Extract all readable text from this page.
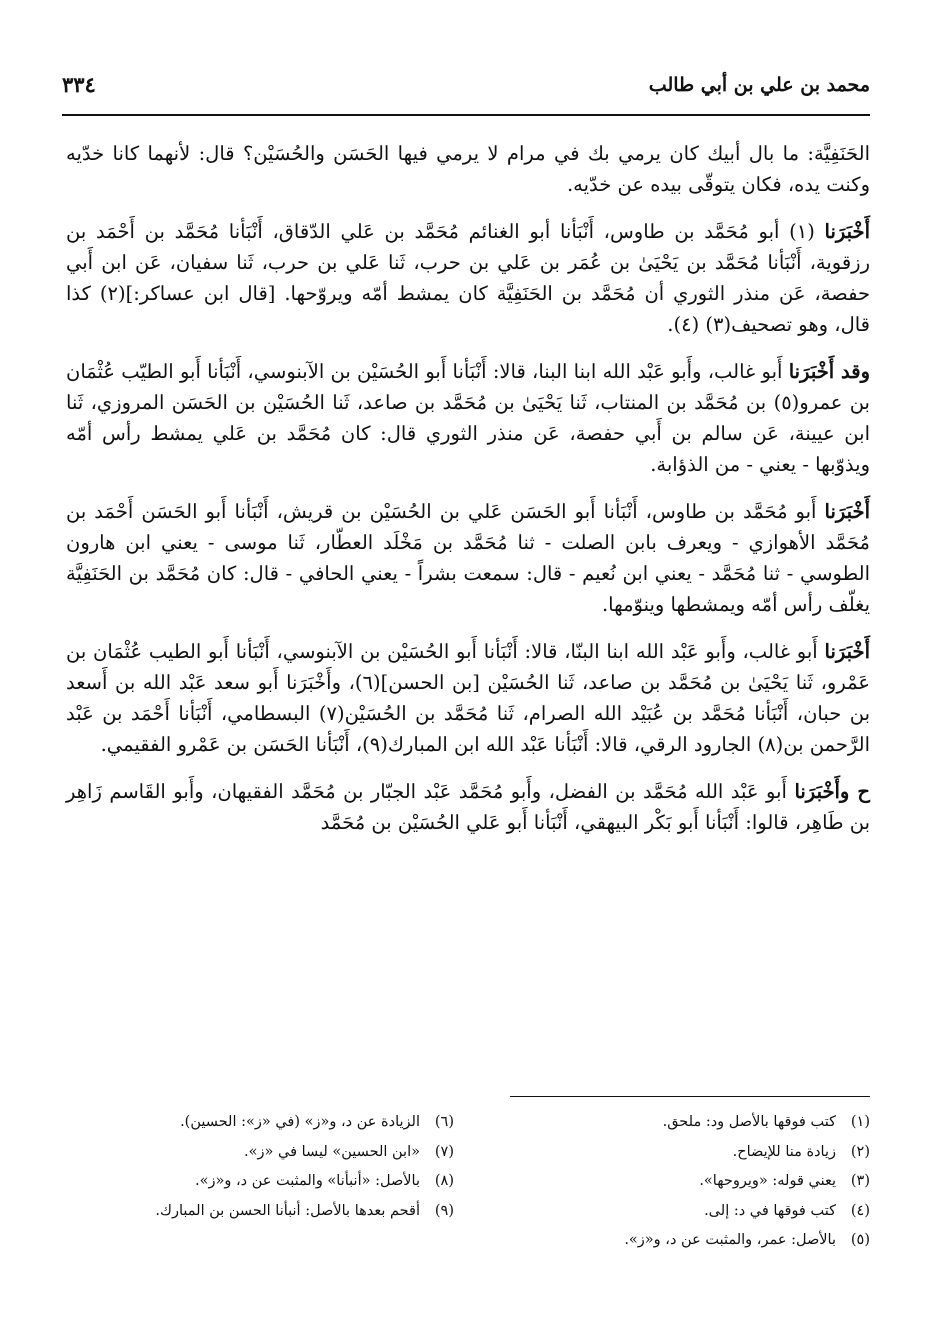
محمد بن علي بن أبي طالب
٣٣٤

الحَنَفِيَّة: ما بال أبيك كان يرمي بك في مرام لا يرمي فيها الحَسَن والحُسَيْن؟ قال: لأنهما كانا خدّيه وكنت يده، فكان يتوقّى بيده عن خدّيه.

أَخْبَرَنا (١) أبو مُحَمَّد بن طاوس، أَنْبَأنا أبو الغنائم مُحَمَّد بن عَلي الدّقاق، أَنْبَأنا مُحَمَّد بن أَحْمَد بن رزقوية، أَنْبَأنا مُحَمَّد بن يَحْيَىٰ بن عُمَر بن عَلي بن حرب، ثَنا عَلي بن حرب، ثَنا سفيان، عَن ابن أَبي حفصة، عَن منذر الثوري أن مُحَمَّد بن الحَنَفِيَّة كان يمشط أمّه ويروّحها. [قال ابن عساكر:](٢) كذا قال، وهو تصحيف(٣) (٤).

وقد أَخْبَرَنا أَبو غالب، وأَبو عَبْد الله ابنا البنا، قالا: أَنْبَأنا أَبو الحُسَيْن بن الآبنوسي، أَنْبَأنا أَبو الطيّب عُثْمَان بن عمرو(٥) بن مُحَمَّد بن المنتاب، ثَنا يَحْيَىٰ بن مُحَمَّد بن صاعد، ثَنا الحُسَيْن بن الحَسَن المروزي، ثَنا ابن عيينة، عَن سالم بن أَبي حفصة، عَن منذر الثوري قال: كان مُحَمَّد بن عَلي يمشط رأس أمّه ويذوّبها - يعني - من الذؤابة.

أَخْبَرَنا أَبو مُحَمَّد بن طاوس، أَنْبَأنا أَبو الحَسَن عَلي بن الحُسَيْن بن قريش، أَنْبَأنا أَبو الحَسَن أَحْمَد بن مُحَمَّد الأهوازي - ويعرف بابن الصلت - ثنا مُحَمَّد بن مَخْلَد العطّار، ثَنا موسى - يعني ابن هارون الطوسي - ثنا مُحَمَّد - يعني ابن نُعيم - قال: سمعت بشراً - يعني الحافي - قال: كان مُحَمَّد بن الحَنَفِيَّة يغلّف رأس أمّه ويمشطها وينوّمها.

أَخْبَرَنا أَبو غالب، وأَبو عَبْد الله ابنا البنّا، قالا: أَنْبَأنا أَبو الحُسَيْن بن الآبنوسي، أَنْبَأنا أَبو الطيب عُثْمَان بن عَمْرو، ثَنا يَحْيَىٰ بن مُحَمَّد بن صاعد، ثَنا الحُسَيْن [بن الحسن](٦)، وأَخْبَرَنا أَبو سعد عَبْد الله بن أَسعد بن حبان، أَنْبَأنا مُحَمَّد بن عُبَيْد الله الصرام، ثَنا مُحَمَّد بن الحُسَيْن(٧) البسطامي، أَنْبَأنا أَحْمَد بن عَبْد الرَّحمن بن(٨) الجارود الرقي، قالا: أَنْبَأنا عَبْد الله ابن المبارك(٩)، أَنْبَأنا الحَسَن بن عَمْرو الفقيمي.

ح وأَخْبَرَنا أَبو عَبْد الله مُحَمَّد بن الفضل، وأَبو مُحَمَّد عَبْد الجبّار بن مُحَمَّد الفقيهان، وأَبو القَاسم زَاهِر بن طَاهِر، قالوا: أَنْبَأنا أَبو بَكْر البيهقي، أَنْبَأنا أَبو عَلي الحُسَيْن بن مُحَمَّد

(١)كتب فوقها بالأصل ود: ملحق.
(٢)زيادة منا للإيضاح.
(٣)يعني قوله: «ويروحها».
(٤)كتب فوقها في د: إلى.
(٥)بالأصل: عمر، والمثبت عن د، و«ز».
(٦)الزيادة عن د، و«ز» (في «ز»: الحسين).
(٧)«ابن الحسين» ليسا في «ز».
(٨)بالأصل: «أنبأنا» والمثبت عن د، و«ز».
(٩)أقحم بعدها بالأصل: أنبأنا الحسن بن المبارك.
